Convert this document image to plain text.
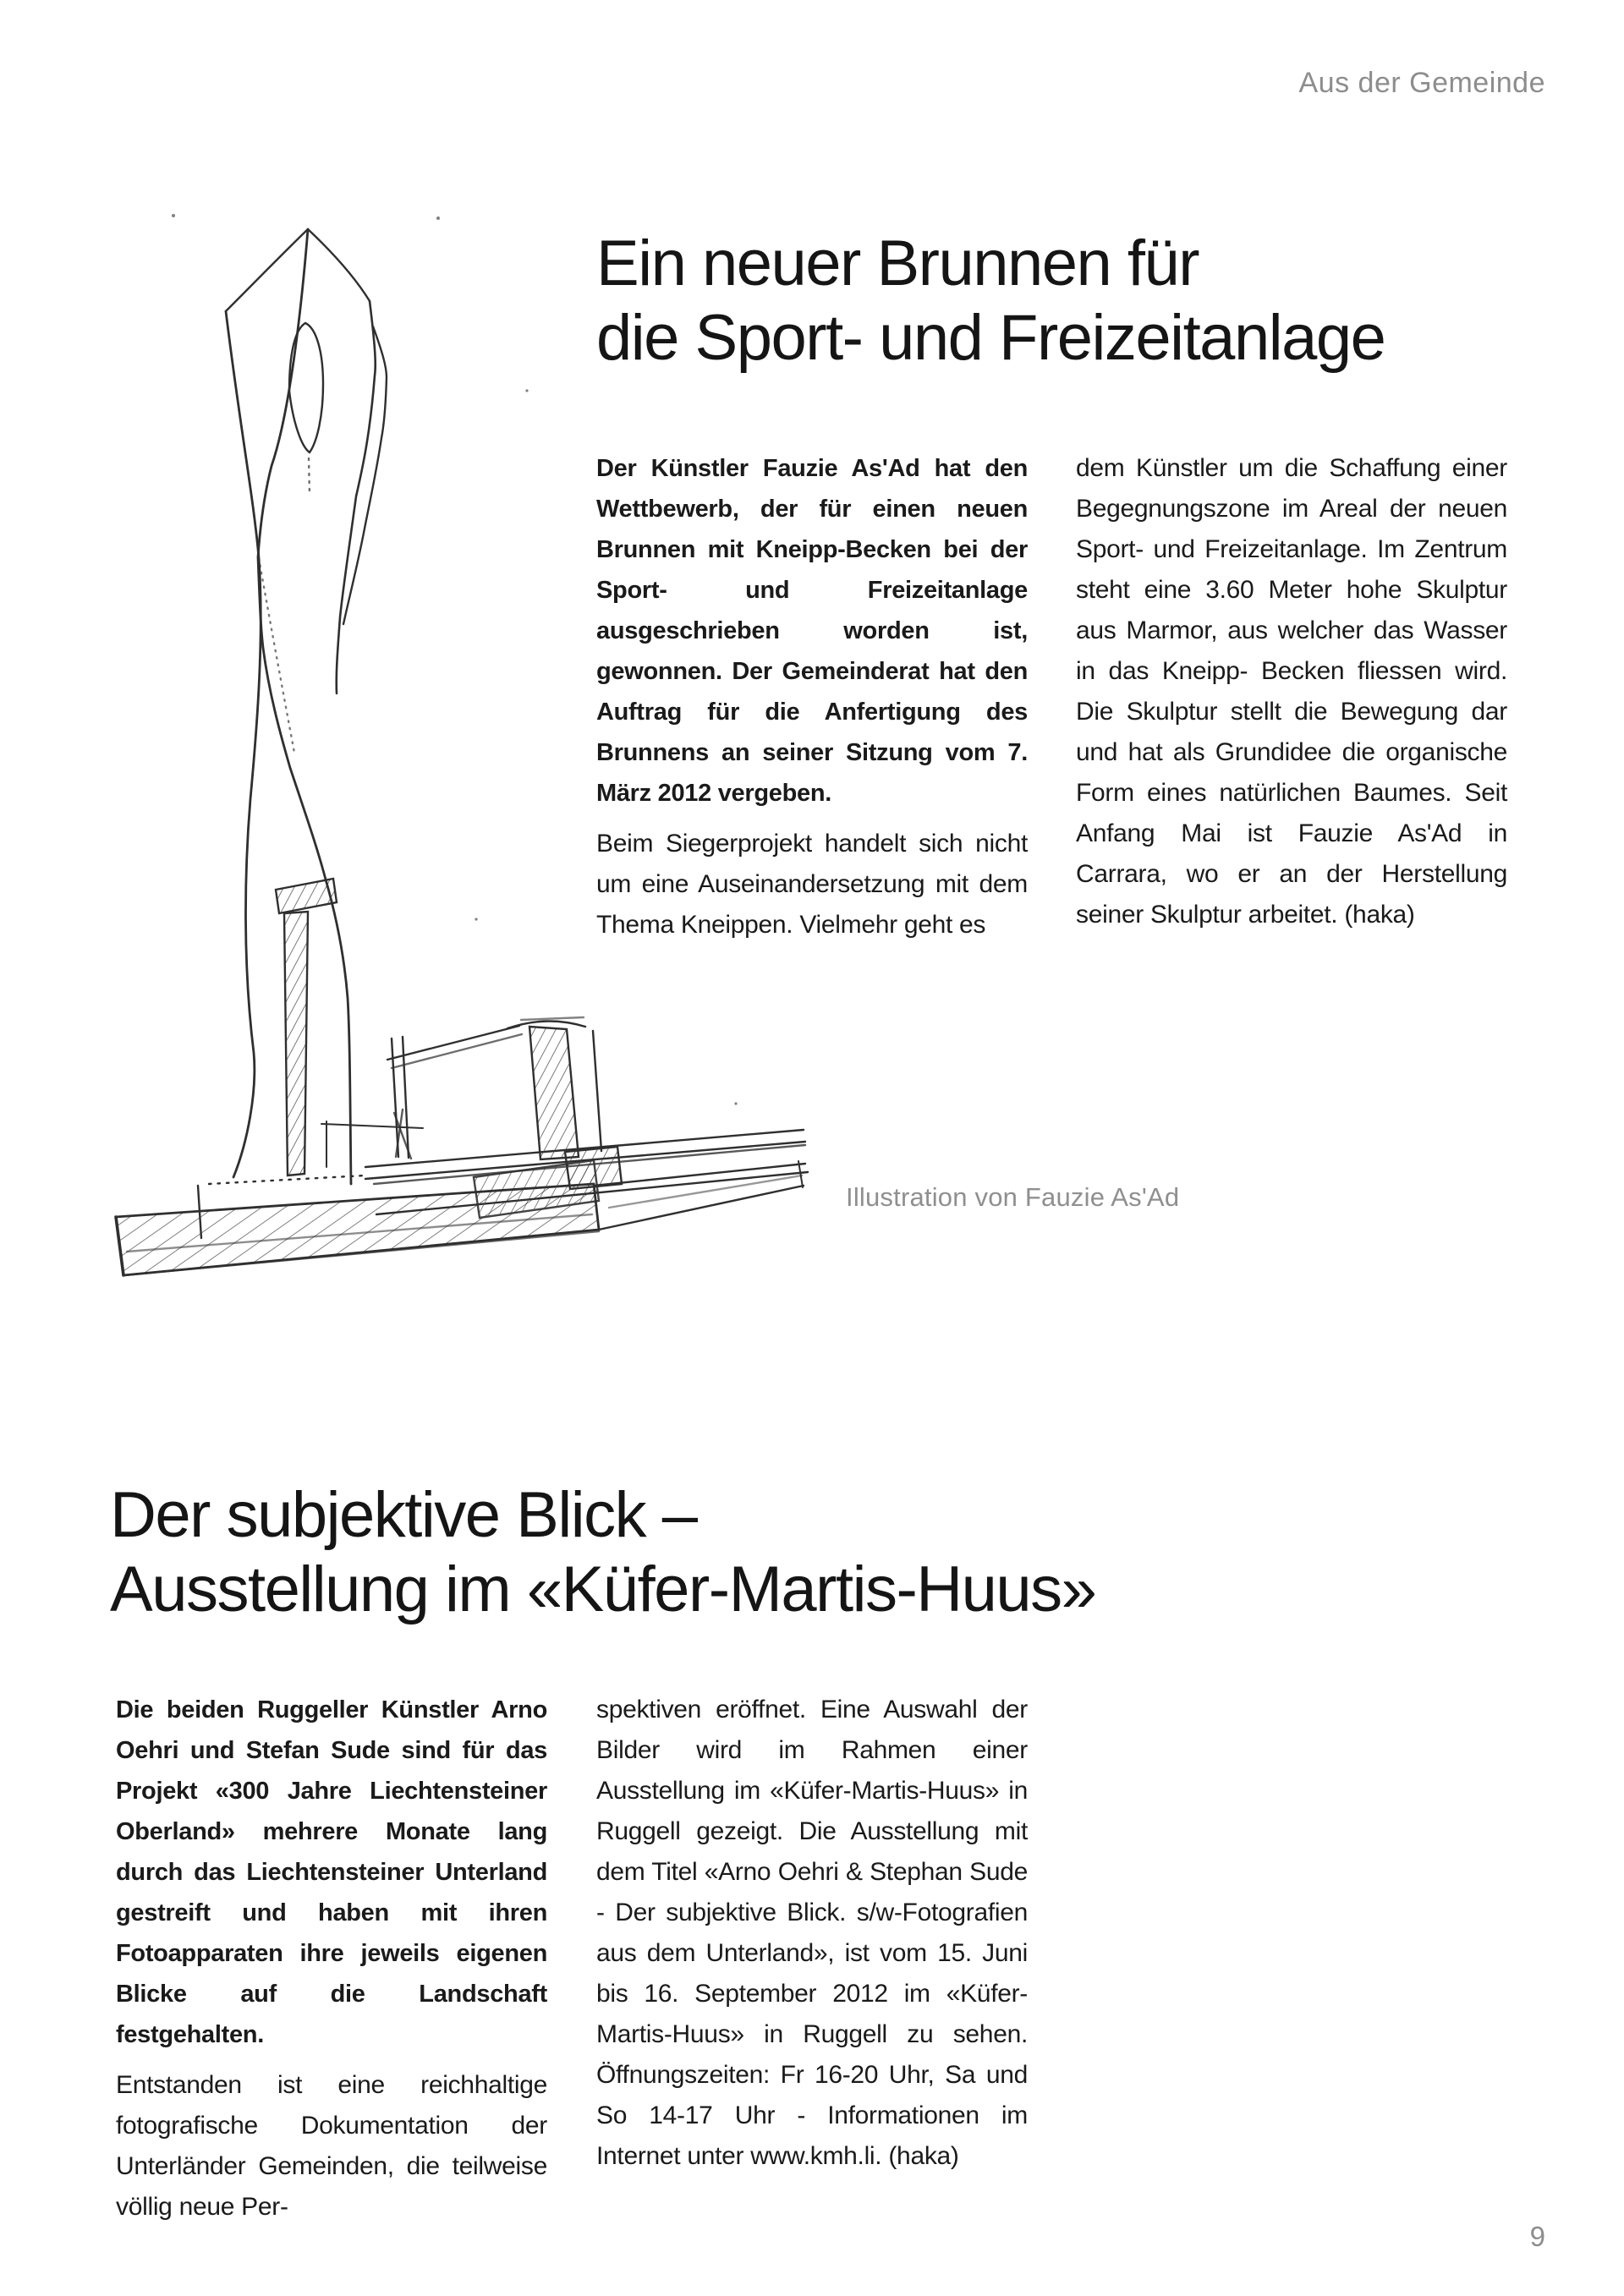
Aus der Gemeinde
Ein neuer Brunnen für
die Sport- und Freizeitanlage
Der Künstler Fauzie As'Ad hat den Wettbewerb, der für einen neuen Brunnen mit Kneipp-Becken bei der Sport- und Freizeitanlage ausgeschrieben worden ist, gewonnen. Der Gemeinderat hat den Auftrag für die Anfertigung des Brunnens an seiner Sitzung vom 7. März 2012 vergeben.
Beim Siegerprojekt handelt sich nicht um eine Auseinandersetzung mit dem Thema Kneippen. Vielmehr geht es
dem Künstler um die Schaffung einer Begegnungszone im Areal der neuen Sport- und Freizeitanlage. Im Zentrum steht eine 3.60 Meter hohe Skulptur aus Marmor, aus welcher das Wasser in das Kneipp- Becken fliessen wird. Die Skulptur stellt die Bewegung dar und hat als Grundidee die organische Form eines natürlichen Baumes. Seit Anfang Mai ist Fauzie As'Ad in Carrara, wo er an der Herstellung seiner Skulptur arbeitet. (haka)
Illustration von Fauzie As'Ad
Der subjektive Blick –
Ausstellung im «Küfer-Martis-Huus»
Die beiden Ruggeller Künstler Arno Oehri und Stefan Sude sind für das Projekt «300 Jahre Liechtensteiner Oberland» mehrere Monate lang durch das Liechtensteiner Unterland gestreift und haben mit ihren Fotoapparaten ihre jeweils eigenen Blicke auf die Landschaft festgehalten.
Entstanden ist eine reichhaltige fotografische Dokumentation der Unterländer Gemeinden, die teilweise völlig neue Per-
spektiven eröffnet. Eine Auswahl der Bilder wird im Rahmen einer Ausstellung im «Küfer-Martis-Huus» in Ruggell gezeigt. Die Ausstellung mit dem Titel «Arno Oehri & Stephan Sude - Der subjektive Blick. s/w-Fotografien aus dem Unterland», ist vom 15. Juni bis 16. September 2012 im «Küfer-Martis-Huus» in Ruggell zu sehen. Öffnungszeiten: Fr 16-20 Uhr, Sa und So 14-17 Uhr - Informationen im Internet unter www.kmh.li. (haka)
9
